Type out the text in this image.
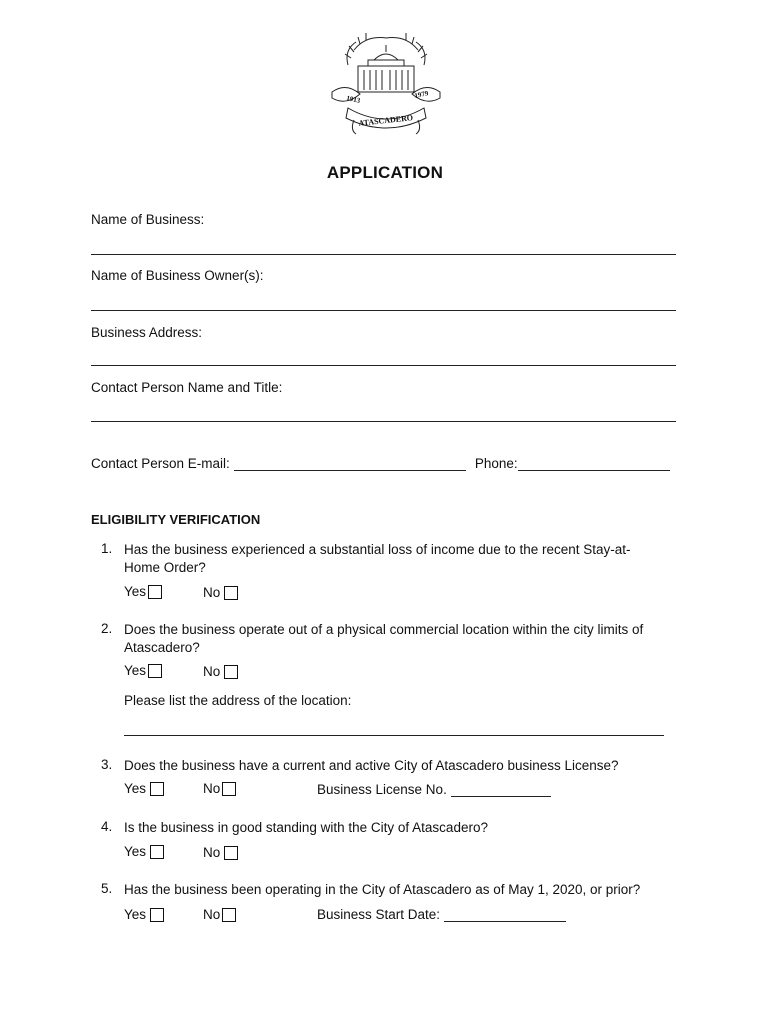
1913	1979
ATASCADERO
APPLICATION
Name of Business:
Name of Business Owner(s):
Business Address:
Contact Person Name and Title:
Contact Person E-mail:	Phone:
ELIGIBILITY VERIFICATION
1. Has the business experienced a substantial loss of income due to the recent Stay-at-Home Order?
Yes	No
2. Does the business operate out of a physical commercial location within the city limits of Atascadero?
Yes	No
Please list the address of the location:
3. Does the business have a current and active City of Atascadero business License?
Yes	No	Business License No.
4. Is the business in good standing with the City of Atascadero?
Yes	No
5. Has the business been operating in the City of Atascadero as of May 1, 2020, or prior?
Yes	No	Business Start Date:
